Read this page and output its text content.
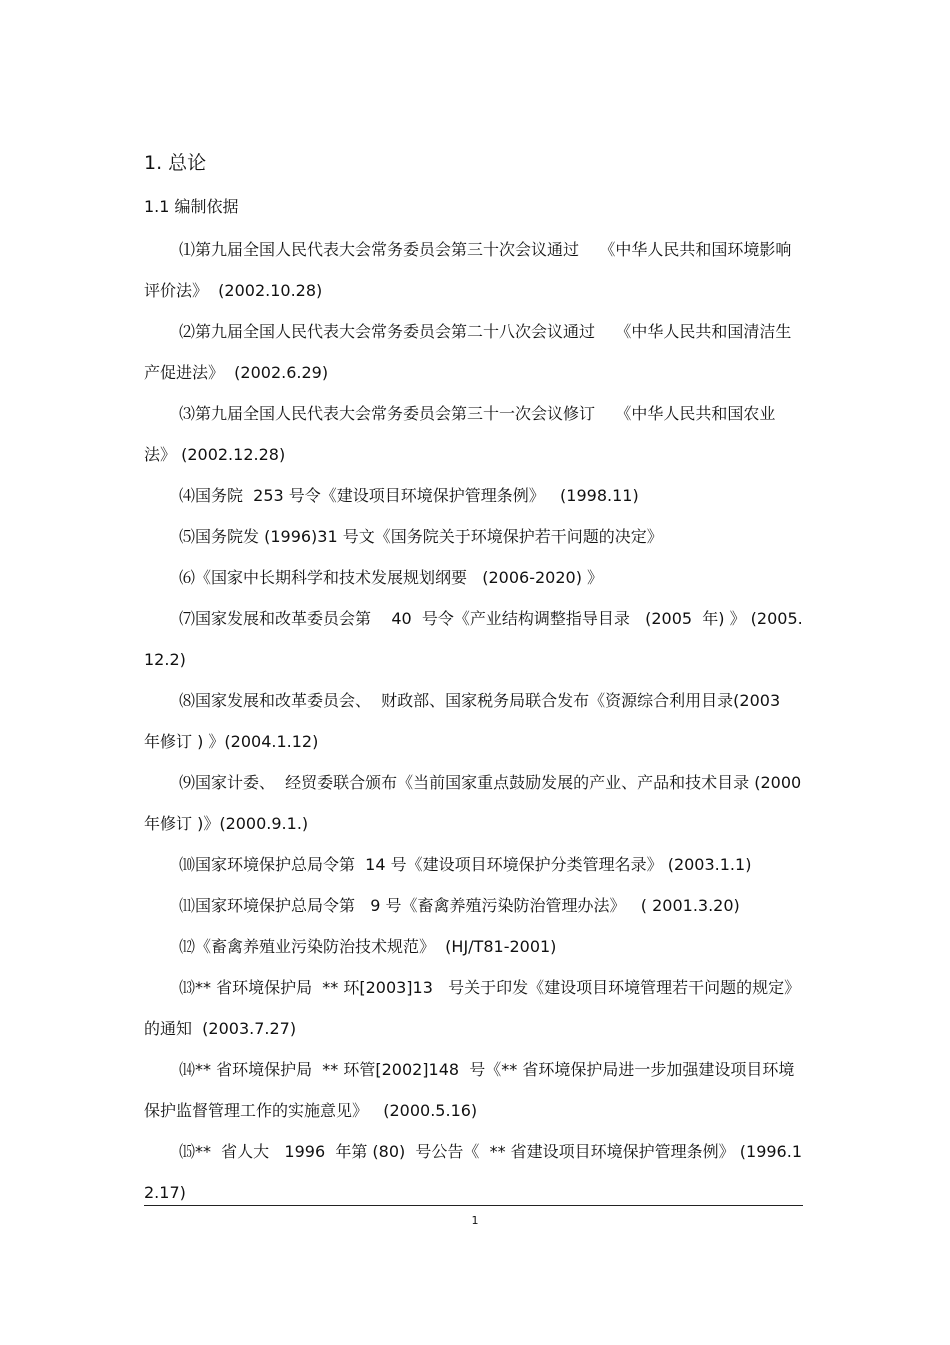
1. 总论
1.1 编制依据

⑴第九届全国人民代表大会常务委员会第三十次会议通过    《中华人民共和国环境影响评价法》  (2002.10.28)

⑵第九届全国人民代表大会常务委员会第二十八次会议通过    《中华人民共和国清洁生产促进法》  (2002.6.29)

⑶第九届全国人民代表大会常务委员会第三十一次会议修订    《中华人民共和国农业法》 (2002.12.28)

⑷国务院  253 号令《建设项目环境保护管理条例》   (1998.11)

⑸国务院发 (1996)31 号文《国务院关于环境保护若干问题的决定》

⑹《国家中长期科学和技术发展规划纲要   (2006-2020) 》

⑺国家发展和改革委员会第    40  号令《产业结构调整指导目录   (2005  年) 》 (2005.12.2)

⑻国家发展和改革委员会、  财政部、国家税务局联合发布《资源综合利用目录(2003  年修订 ) 》(2004.1.12)

⑼国家计委、  经贸委联合颁布《当前国家重点鼓励发展的产业、产品和技术目录 (2000 年修订 )》(2000.9.1.)

⑽国家环境保护总局令第  14 号《建设项目环境保护分类管理名录》 (2003.1.1)

⑾国家环境保护总局令第   9 号《畜禽养殖污染防治管理办法》   ( 2001.3.20)

⑿《畜禽养殖业污染防治技术规范》  (HJ/T81-2001)

⒀** 省环境保护局  ** 环[2003]13   号关于印发《建设项目环境管理若干问题的规定》的通知  (2003.7.27)

⒁** 省环境保护局  ** 环管[2002]148  号《** 省环境保护局进一步加强建设项目环境保护监督管理工作的实施意见》   (2000.5.16)

⒂**  省人大   1996  年第 (80)  号公告《  ** 省建设项目环境保护管理条例》 (1996.12.17)

1
